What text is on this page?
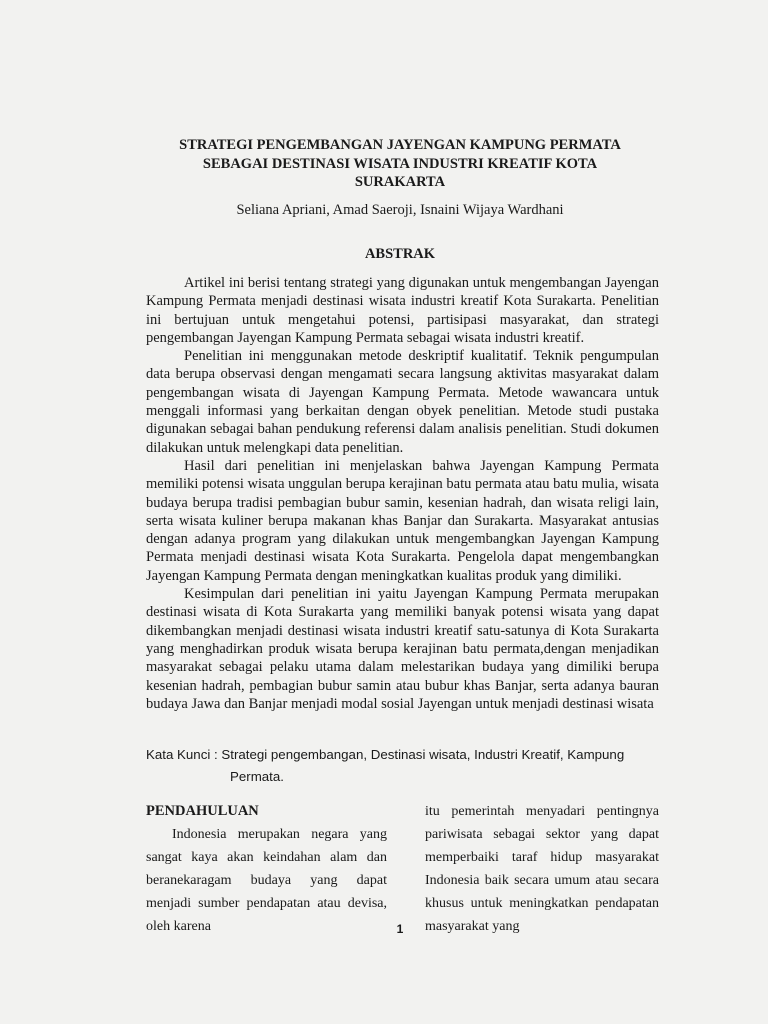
STRATEGI PENGEMBANGAN JAYENGAN KAMPUNG PERMATA
SEBAGAI DESTINASI WISATA INDUSTRI KREATIF KOTA
SURAKARTA
Seliana Apriani, Amad Saeroji, Isnaini Wijaya Wardhani
ABSTRAK

Artikel ini berisi tentang strategi yang digunakan untuk mengembangan Jayengan Kampung Permata menjadi destinasi wisata industri kreatif Kota Surakarta. Penelitian ini bertujuan untuk mengetahui potensi, partisipasi masyarakat, dan strategi pengembangan Jayengan Kampung Permata sebagai wisata industri kreatif.

Penelitian ini menggunakan metode deskriptif kualitatif. Teknik pengumpulan data berupa observasi dengan mengamati secara langsung aktivitas masyarakat dalam pengembangan wisata di Jayengan Kampung Permata. Metode wawancara untuk menggali informasi yang berkaitan dengan obyek penelitian. Metode studi pustaka digunakan sebagai bahan pendukung referensi dalam analisis penelitian. Studi dokumen dilakukan untuk melengkapi data penelitian.

Hasil dari penelitian ini menjelaskan bahwa Jayengan Kampung Permata memiliki potensi wisata unggulan berupa kerajinan batu permata atau batu mulia, wisata budaya berupa tradisi pembagian bubur samin, kesenian hadrah, dan wisata religi lain, serta wisata kuliner berupa makanan khas Banjar dan Surakarta. Masyarakat antusias dengan adanya program yang dilakukan untuk mengembangkan Jayengan Kampung Permata menjadi destinasi wisata Kota Surakarta. Pengelola dapat mengembangkan Jayengan Kampung Permata dengan meningkatkan kualitas produk yang dimiliki.

Kesimpulan dari penelitian ini yaitu Jayengan Kampung Permata merupakan destinasi wisata di Kota Surakarta yang memiliki banyak potensi wisata yang dapat dikembangkan menjadi destinasi wisata industri kreatif satu-satunya di Kota Surakarta yang menghadirkan produk wisata berupa kerajinan batu permata,dengan menjadikan masyarakat sebagai pelaku utama dalam melestarikan budaya yang dimiliki berupa kesenian hadrah, pembagian bubur samin atau bubur khas Banjar, serta adanya bauran budaya Jawa dan Banjar menjadi modal sosial Jayengan untuk menjadi destinasi wisata

Kata Kunci : Strategi pengembangan, Destinasi wisata, Industri Kreatif, Kampung
Permata.
PENDAHULUAN

Indonesia merupakan negara yang sangat kaya akan keindahan alam dan beranekaragam budaya yang dapat menjadi sumber pendapatan atau devisa, oleh karena

itu pemerintah menyadari pentingnya pariwisata sebagai sektor yang dapat memperbaiki taraf hidup masyarakat Indonesia baik secara umum atau secara khusus untuk meningkatkan pendapatan masyarakat yang

1
